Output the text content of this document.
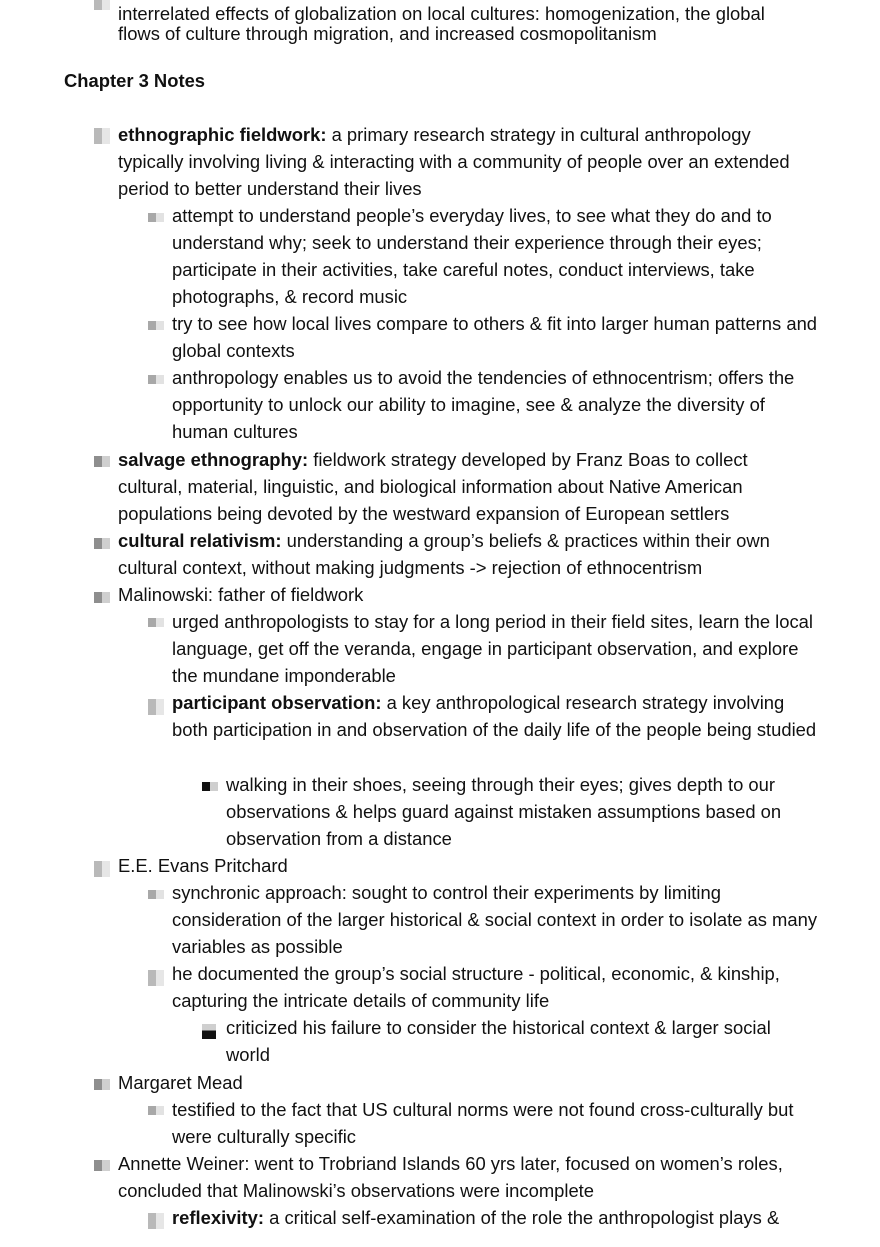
interrelated effects of globalization on local cultures: homogenization, the global
flows of culture through migration, and increased cosmopolitanism

Chapter 3 Notes

ethnographic fieldwork: a primary research strategy in cultural anthropology typically involving living & interacting with a community of people over an extended period to better understand their lives

attempt to understand people’s everyday lives, to see what they do and to understand why; seek to understand their experience through their eyes; participate in their activities, take careful notes, conduct interviews, take photographs, & record music

try to see how local lives compare to others & fit into larger human patterns and global contexts

anthropology enables us to avoid the tendencies of ethnocentrism; offers the opportunity to unlock our ability to imagine, see & analyze the diversity of human cultures

salvage ethnography: fieldwork strategy developed by Franz Boas to collect cultural, material, linguistic, and biological information about Native American populations being devoted by the westward expansion of European settlers

cultural relativism: understanding a group’s beliefs & practices within their own cultural context, without making judgments -> rejection of ethnocentrism

Malinowski: father of fieldwork

urged anthropologists to stay for a long period in their field sites, learn the local language, get off the veranda, engage in participant observation, and explore the mundane imponderable

participant observation: a key anthropological research strategy involving both participation in and observation of the daily life of the people being studied

walking in their shoes, seeing through their eyes; gives depth to our observations & helps guard against mistaken assumptions based on observation from a distance

E.E. Evans Pritchard

synchronic approach: sought to control their experiments by limiting consideration of the larger historical & social context in order to isolate as many variables as possible

he documented the group’s social structure - political, economic, & kinship, capturing the intricate details of community life

criticized his failure to consider the historical context & larger social world

Margaret Mead

testified to the fact that US cultural norms were not found cross-culturally but were culturally specific

Annette Weiner: went to Trobriand Islands 60 yrs later, focused on women’s roles, concluded that Malinowski’s observations were incomplete

reflexivity: a critical self-examination of the role the anthropologist plays &
